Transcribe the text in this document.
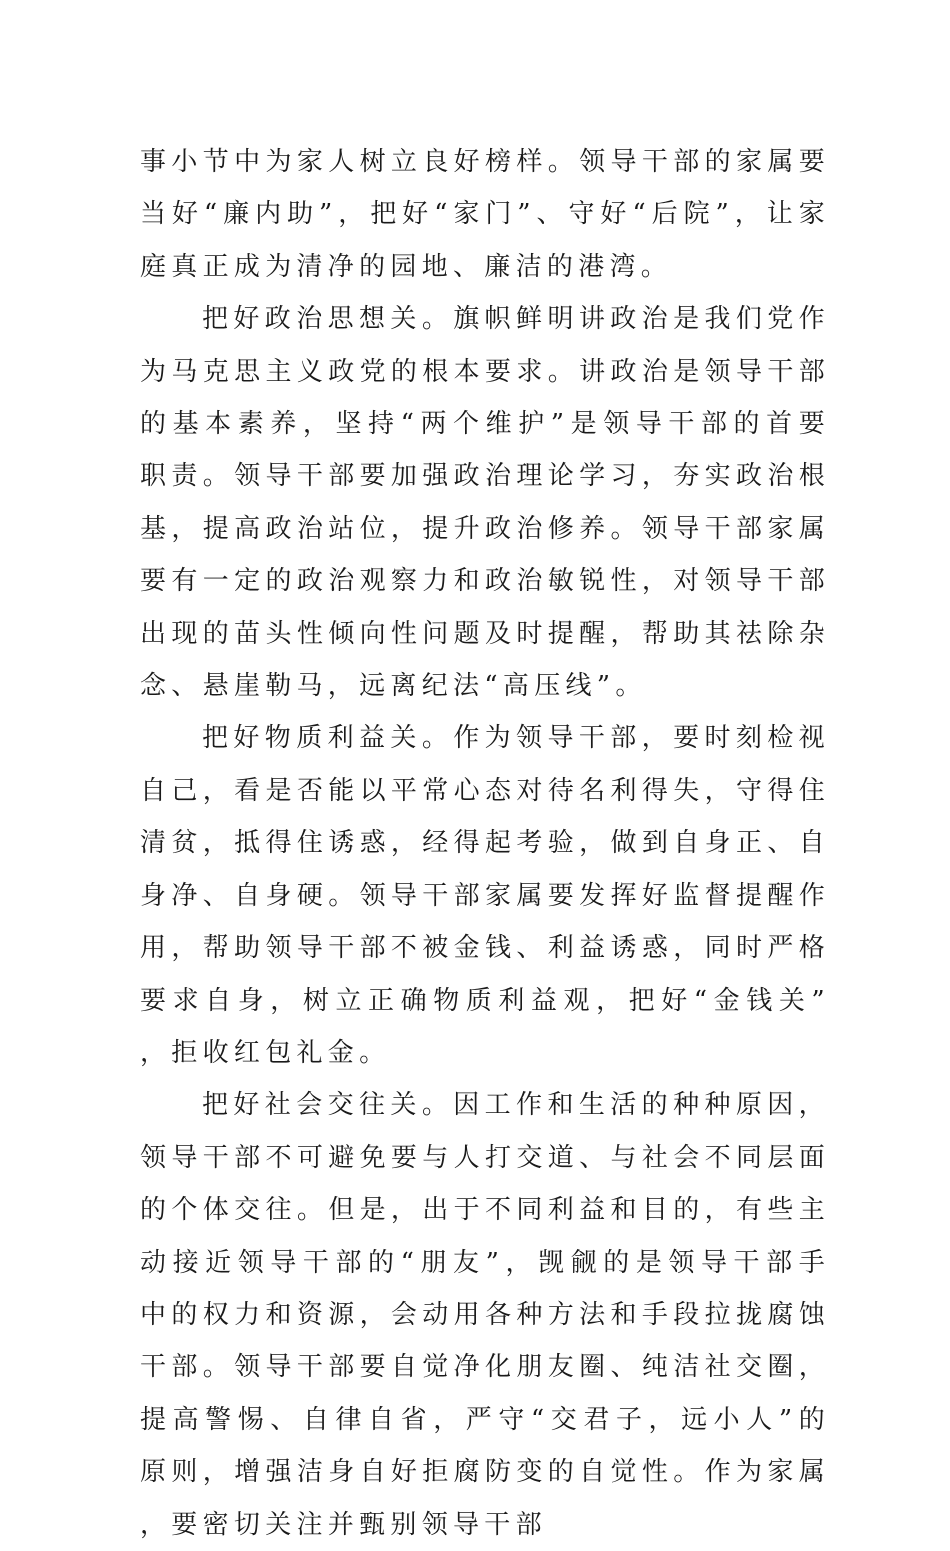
事小节中为家人树立良好榜样。领导干部的家属要当好“廉内助”，把好“家门”、守好“后院”，让家庭真正成为清净的园地、廉洁的港湾。

把好政治思想关。旗帜鲜明讲政治是我们党作为马克思主义政党的根本要求。讲政治是领导干部的基本素养，坚持“两个维护”是领导干部的首要职责。领导干部要加强政治理论学习，夯实政治根基，提高政治站位，提升政治修养。领导干部家属要有一定的政治观察力和政治敏锐性，对领导干部出现的苗头性倾向性问题及时提醒，帮助其祛除杂念、悬崖勒马，远离纪法“高压线”。

把好物质利益关。作为领导干部，要时刻检视自己，看是否能以平常心态对待名利得失，守得住清贫，抵得住诱惑，经得起考验，做到自身正、自身净、自身硬。领导干部家属要发挥好监督提醒作用，帮助领导干部不被金钱、利益诱惑，同时严格要求自身，树立正确物质利益观，把好“金钱关”，拒收红包礼金。

把好社会交往关。因工作和生活的种种原因，领导干部不可避免要与人打交道、与社会不同层面的个体交往。但是，出于不同利益和目的，有些主动接近领导干部的“朋友”，觊觎的是领导干部手中的权力和资源，会动用各种方法和手段拉拢腐蚀干部。领导干部要自觉净化朋友圈、纯洁社交圈，提高警惕、自律自省，严守“交君子，远小人”的原则，增强洁身自好拒腐防变的自觉性。作为家属，要密切关注并甄别领导干部
